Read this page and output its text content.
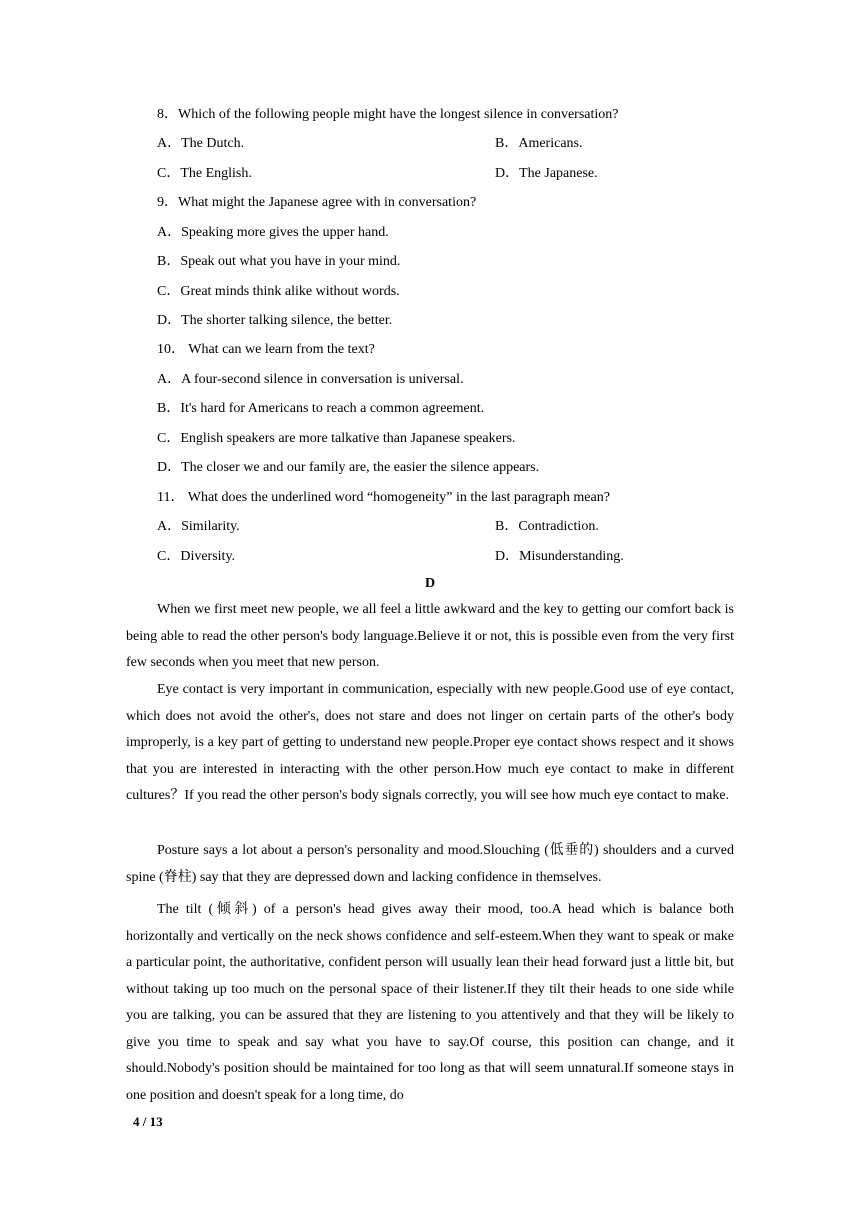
8．Which of the following people might have the longest silence in conversation?
A．The Dutch.	B．Americans.
C．The English.	D．The Japanese.
9．What might the Japanese agree with in conversation?
A．Speaking more gives the upper hand.
B．Speak out what you have in your mind.
C．Great minds think alike without words.
D．The shorter talking silence, the better.
10． What can we learn from the text?
A．A four-second silence in conversation is universal.
B．It's hard for Americans to reach a common agreement.
C．English speakers are more talkative than Japanese speakers.
D．The closer we and our family are, the easier the silence appears.
11． What does the underlined word “homogeneity” in the last paragraph mean?
A．Similarity.	B．Contradiction.
C．Diversity.	D．Misunderstanding.
D
When we first meet new people, we all feel a little awkward and the key to getting our comfort back is being able to read the other person's body language.Believe it or not, this is possible even from the very first few seconds when you meet that new person.
Eye contact is very important in communication, especially with new people.Good use of eye contact, which does not avoid the other's, does not stare and does not linger on certain parts of the other's body improperly, is a key part of getting to understand new people.Proper eye contact shows respect and it shows that you are interested in interacting with the other person.How much eye contact to make in different cultures？If you read the other person's body signals correctly, you will see how much eye contact to make.
Posture says a lot about a person's personality and mood.Slouching (低垂的) shoulders and a curved spine (脊柱) say that they are depressed down and lacking confidence in themselves.
The tilt (倾斜) of a person's head gives away their mood, too.A head which is balance both horizontally and vertically on the neck shows confidence and self-esteem.When they want to speak or make a particular point, the authoritative, confident person will usually lean their head forward just a little bit, but without taking up too much on the personal space of their listener.If they tilt their heads to one side while you are talking, you can be assured that they are listening to you attentively and that they will be likely to give you time to speak and say what you have to say.Of course, this position can change, and it should.Nobody's position should be maintained for too long as that will seem unnatural.If someone stays in one position and doesn't speak for a long time, do
4 / 13
